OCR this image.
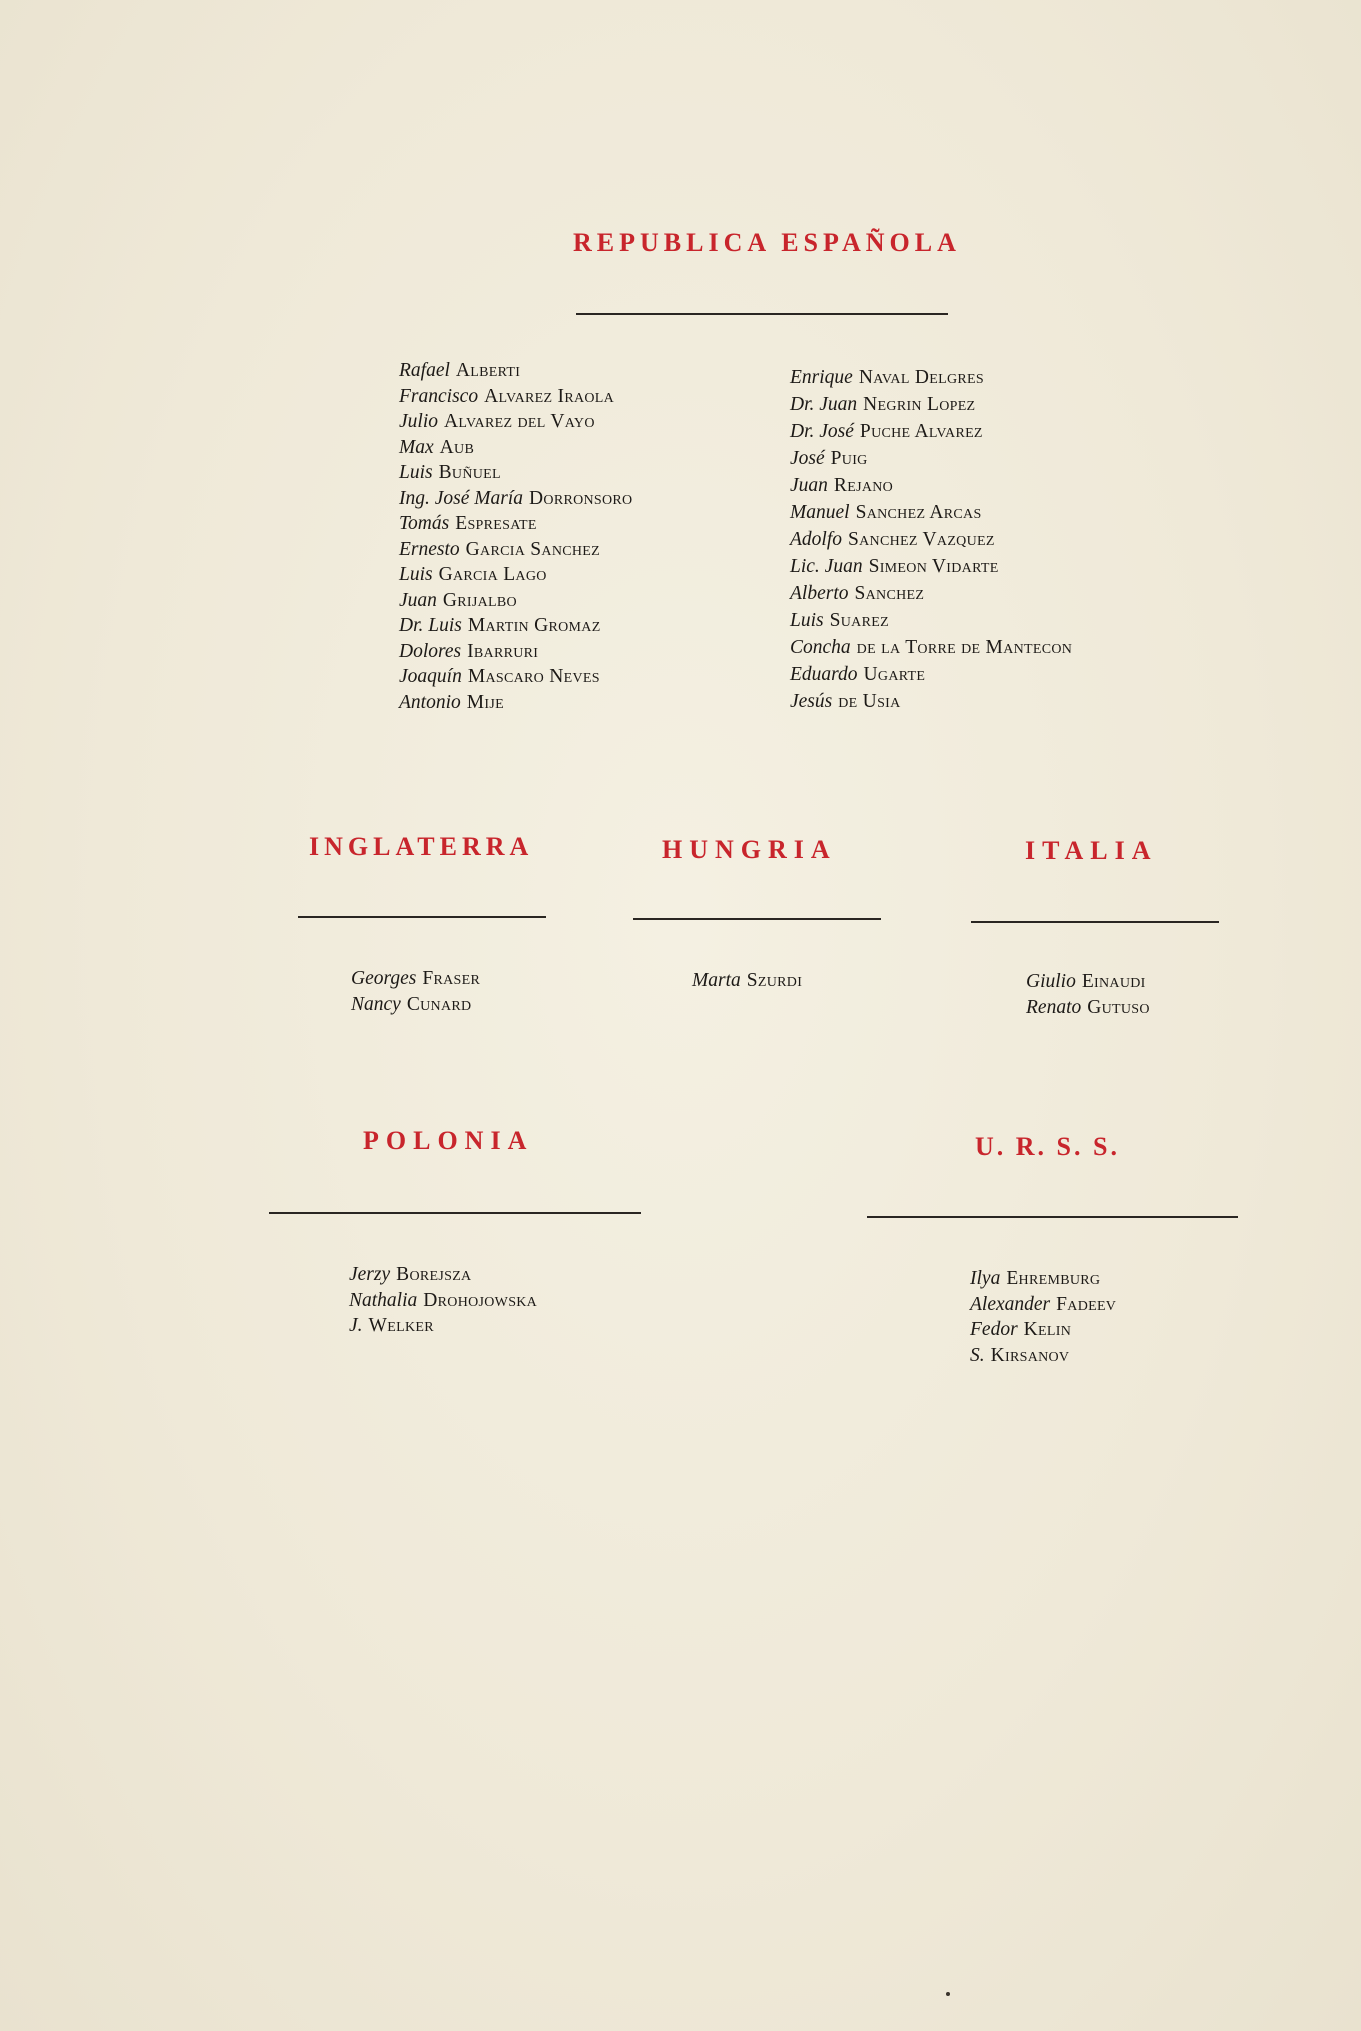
REPUBLICA ESPAÑOLA
Rafael Alberti
Francisco Alvarez Iraola
Julio Alvarez del Vayo
Max Aub
Luis Buñuel
Ing. José María Dorronsoro
Tomás Espresate
Ernesto Garcia Sanchez
Luis Garcia Lago
Juan Grijalbo
Dr. Luis Martin Gromaz
Dolores Ibarruri
Joaquín Mascaro Neves
Antonio Mije
Enrique Naval Delgres
Dr. Juan Negrin Lopez
Dr. José Puche Alvarez
José Puig
Juan Rejano
Manuel Sanchez Arcas
Adolfo Sanchez Vazquez
Lic. Juan Simeon Vidarte
Alberto Sanchez
Luis Suarez
Concha de la Torre de Mantecon
Eduardo Ugarte
Jesús de Usia
INGLATERRA
Georges Fraser
Nancy Cunard
HUNGRIA
Marta Szurdi
ITALIA
Giulio Einaudi
Renato Gutuso
POLONIA
Jerzy Borejsza
Nathalia Drohojowska
J. Welker
U. R. S. S.
Ilya Ehremburg
Alexander Fadeev
Fedor Kelin
S. Kirsanov
